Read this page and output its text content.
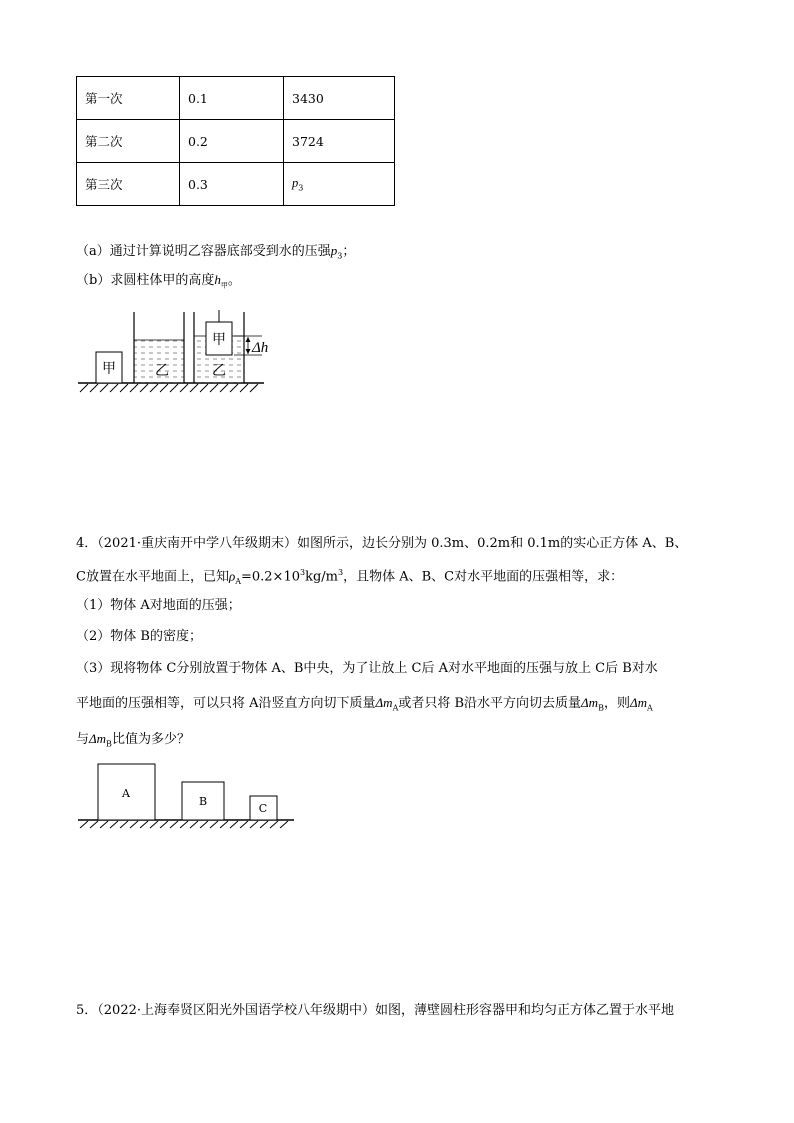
第一次	0.1	3430
第二次	0.2	3724
第三次	0.3	$p_3$
（a）通过计算说明乙容器底部受到水的压强$p_3$；
（b）求圆柱体甲的高度$h_甲$。
甲	乙
甲
乙
Δh
4．（2021·重庆南开中学八年级期末）如图所示，边长分别为 0.3m、0.2m和 0.1m的实心正方体 A、B、
C放置在水平地面上，已知$\rho_A=0.2\times 10^3kg/m^3$，且物体 A、B、C对水平地面的压强相等，求：
（1）物体 A对地面的压强；
（2）物体 B的密度；
（3）现将物体 C分别放置于物体 A、B中央，为了让放上 C后 A对水平地面的压强与放上 C后 B对水
平地面的压强相等，可以只将 A沿竖直方向切下质量$\Delta m_A$或者只将 B沿水平方向切去质量$\Delta m_B$，则$\Delta m_A$
与$\Delta m_B$比值为多少？
A
B
C
5．（2022·上海奉贤区阳光外国语学校八年级期中）如图，薄壁圆柱形容器甲和均匀正方体乙置于水平地
